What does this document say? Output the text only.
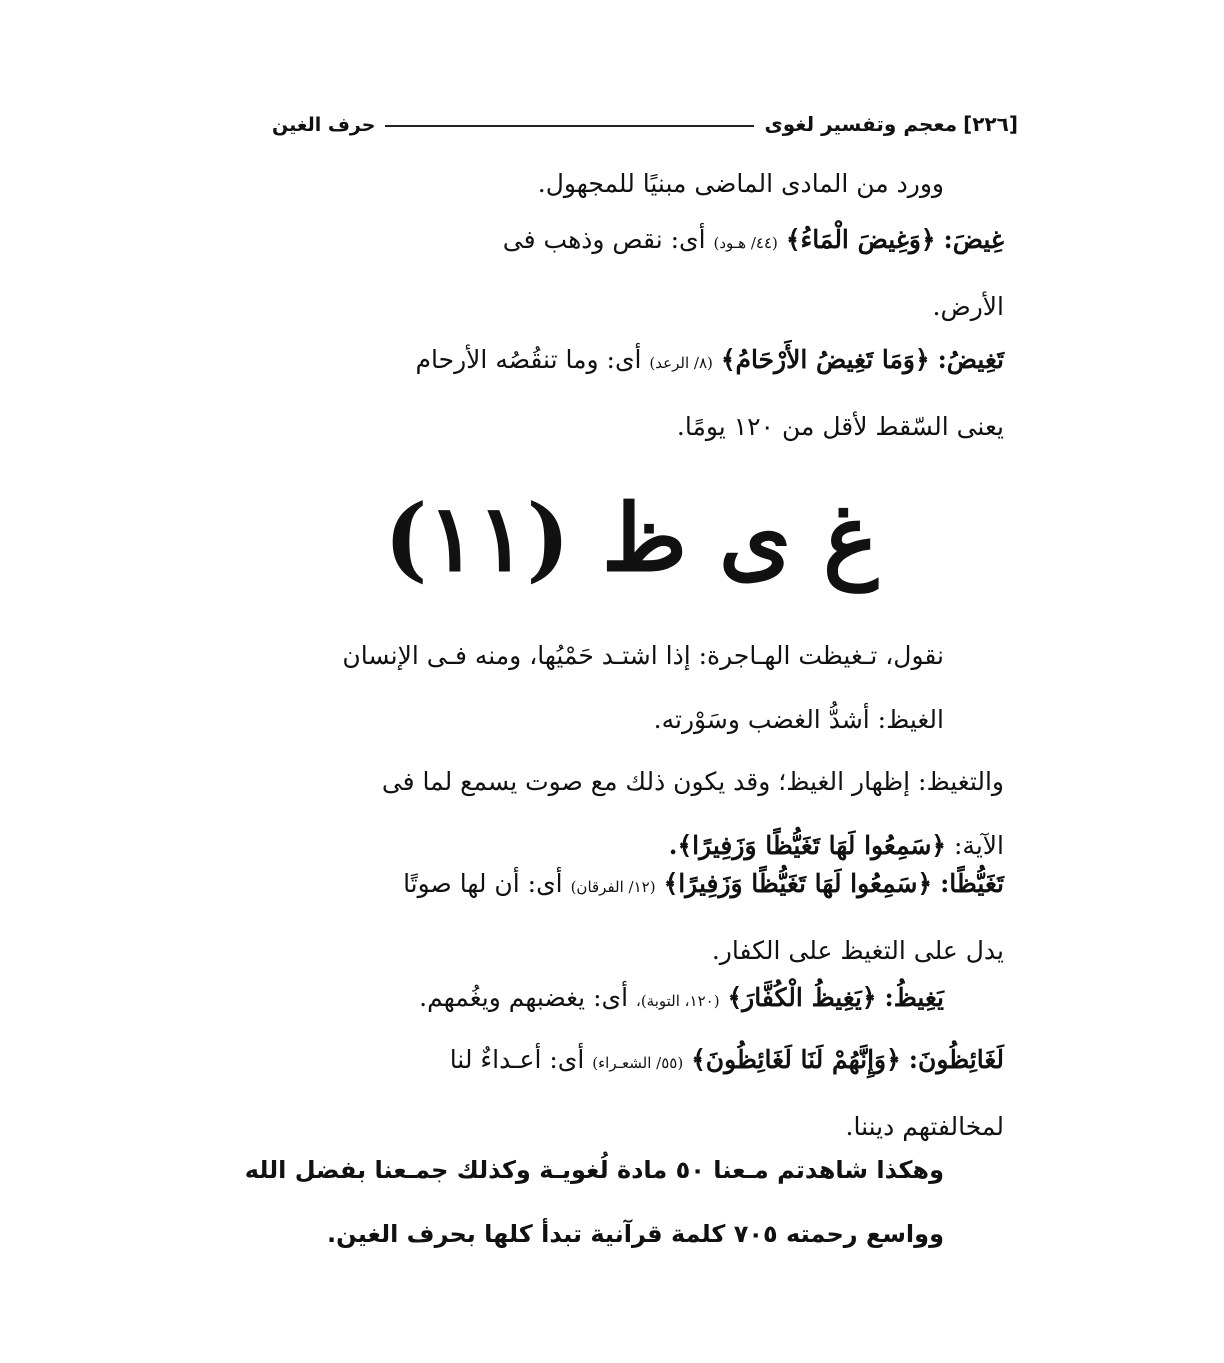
[٢٢٦]
معجم وتفسير لغوى
حرف الغين
وورد من المادى الماضى مبنيًا للمجهول.
غِيضَ: ﴿وَغِيضَ الْمَاءُ﴾ (٤٤/ هـود) أى: نقص وذهب فى
الأرض.
تَغِيضُ: ﴿وَمَا تَغِيضُ الأَرْحَامُ﴾ (٨/ الرعد) أى: وما تنقُصُه الأرحام
يعنى السّقط لأقل من ١٢٠ يومًا.
غ ى ظ (١١)
نقول، تـغيظت الهـاجرة: إذا اشتـد حَمْيُها، ومنه فـى الإنسان
الغيظ: أشدُّ الغضب وسَوْرته.
والتغيظ: إظهار الغيظ؛ وقد يكون ذلك مع صوت يسمع لما فى
الآية: ﴿سَمِعُوا لَهَا تَغَيُّظًا وَزَفِيرًا﴾.
تَغَيُّظًا: ﴿سَمِعُوا لَهَا تَغَيُّظًا وَزَفِيرًا﴾ (١٢/ الفرقان) أى: أن لها صوتًا
يدل على التغيظ على الكفار.
يَغِيظُ: ﴿يَغِيظُ الْكُفَّارَ﴾ (١٢٠، التوبة)، أى: يغضبهم ويغُمهم.
لَغَائِظُونَ: ﴿وَإِنَّهُمْ لَنَا لَغَائِظُونَ﴾ (٥٥/ الشعـراء) أى: أعـداءٌ لنا
لمخالفتهم ديننا.
وهكذا شاهدتم مـعنا ٥٠ مادة لُغويـة وكذلك جمـعنا بفضل الله
وواسع رحمته ٧٠٥ كلمة قرآنية تبدأ كلها بحرف الغين.
